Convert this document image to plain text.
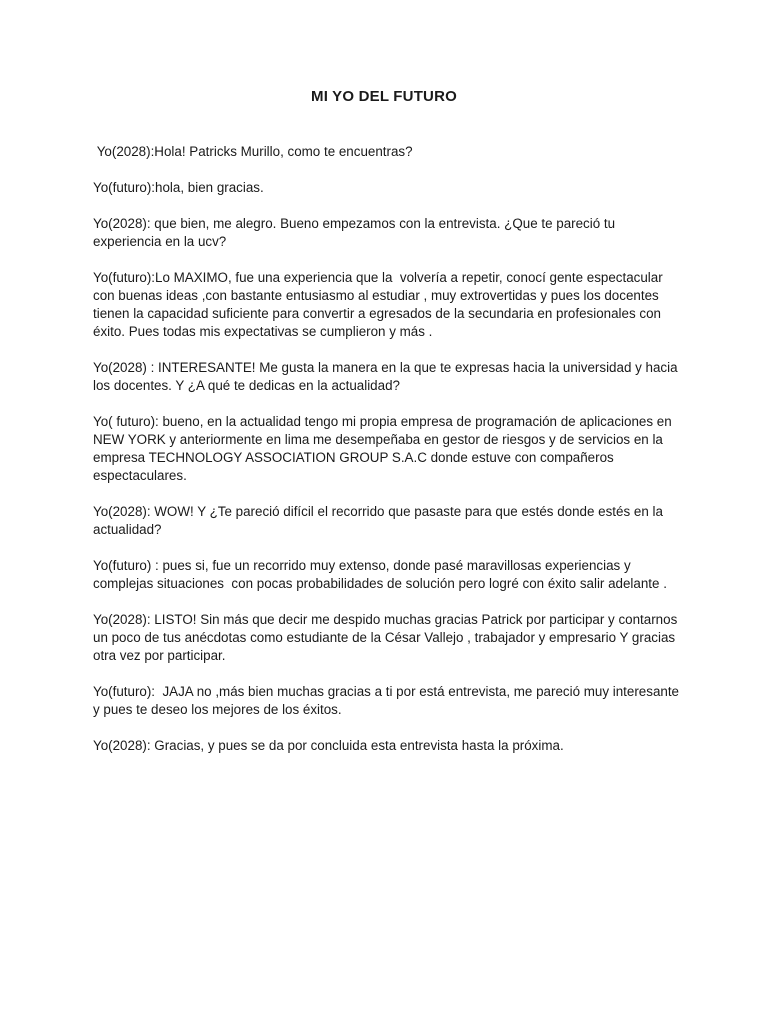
MI YO DEL FUTURO

Yo(2028):Hola! Patricks Murillo, como te encuentras?

Yo(futuro):hola, bien gracias.

Yo(2028): que bien, me alegro. Bueno empezamos con la entrevista. ¿Que te pareció tu experiencia en la ucv?

Yo(futuro):Lo MAXIMO, fue una experiencia que la  volvería a repetir, conocí gente espectacular con buenas ideas ,con bastante entusiasmo al estudiar , muy extrovertidas y pues los docentes tienen la capacidad suficiente para convertir a egresados de la secundaria en profesionales con éxito. Pues todas mis expectativas se cumplieron y más .

Yo(2028) : INTERESANTE! Me gusta la manera en la que te expresas hacia la universidad y hacia los docentes. Y ¿A qué te dedicas en la actualidad?

Yo( futuro): bueno, en la actualidad tengo mi propia empresa de programación de aplicaciones en NEW YORK y anteriormente en lima me desempeñaba en gestor de riesgos y de servicios en la empresa TECHNOLOGY ASSOCIATION GROUP S.A.C donde estuve con compañeros espectaculares.

Yo(2028): WOW! Y ¿Te pareció difícil el recorrido que pasaste para que estés donde estés en la actualidad?

Yo(futuro) : pues si, fue un recorrido muy extenso, donde pasé maravillosas experiencias y complejas situaciones  con pocas probabilidades de solución pero logré con éxito salir adelante .

Yo(2028): LISTO! Sin más que decir me despido muchas gracias Patrick por participar y contarnos un poco de tus anécdotas como estudiante de la César Vallejo , trabajador y empresario Y gracias otra vez por participar.

Yo(futuro):  JAJA no ,más bien muchas gracias a ti por está entrevista, me pareció muy interesante y pues te deseo los mejores de los éxitos.

Yo(2028): Gracias, y pues se da por concluida esta entrevista hasta la próxima.
